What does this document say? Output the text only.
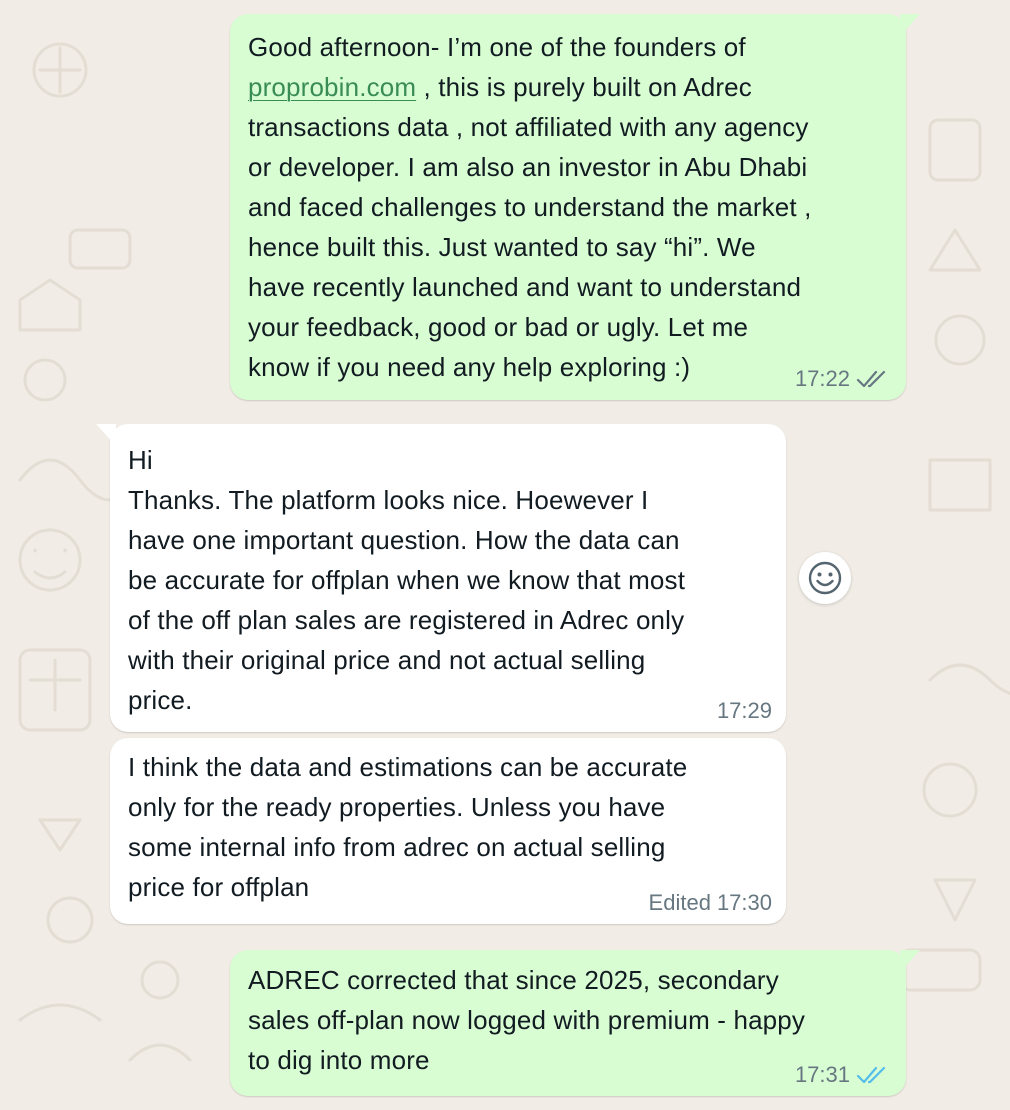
Good afternoon- I’m one of the founders of
proprobin.com , this is purely built on Adrec
transactions data , not affiliated with any agency
or developer. I am also an investor in Abu Dhabi
and faced challenges to understand the market ,
hence built this. Just wanted to say “hi”. We
have recently launched and want to understand
your feedback, good or bad or ugly. Let me
know if you need any help exploring :)	17:22
Hi
Thanks. The platform looks nice. Hoewever I
have one important question. How the data can
be accurate for offplan when we know that most
of the off plan sales are registered in Adrec only
with their original price and not actual selling
price.	17:29
I think the data and estimations can be accurate
only for the ready properties. Unless you have
some internal info from adrec on actual selling
price for offplan
Edited 17:30
ADREC corrected that since 2025, secondary
sales off-plan now logged with premium - happy
to dig into more	17:31
